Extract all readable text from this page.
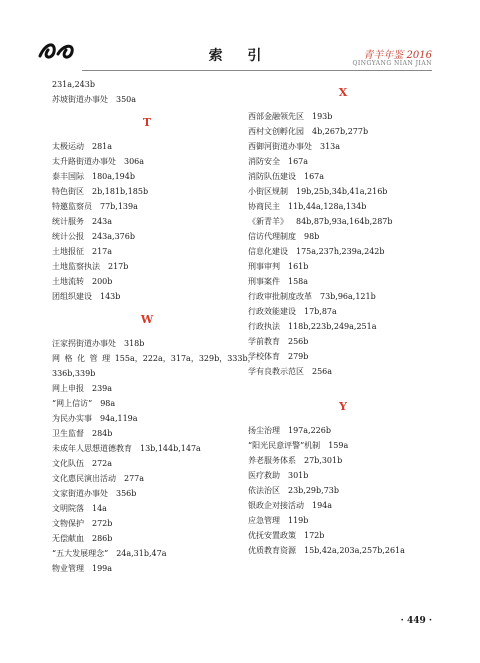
索 引	青羊年鉴 2016
QINGYANG NIAN JIAN
231a,243b
苏坡街道办事处 350a
T
太极运动 281a
太升路街道办事处 306a
泰丰国际 180a,194b
特色街区 2b,181b,185b
特邀监察员 77b,139a
统计服务 243a
统计公报 243a,376b
土地报征 217a
土地监察执法 217b
土地流转 200b
团组织建设 143b
W
汪家拐街道办事处 318b
网 格 化 管 理 155a，222a，317a，329b，333b，
336b,339b
网上申报 239a
“网上信访” 98a
为民办实事 94a,119a
卫生监督 284b
未成年人思想道德教育 13b,144b,147a
文化队伍 272a
文化惠民演出活动 277a
文家街道办事处 356b
文明院落 14a
文物保护 272b
无偿献血 286b
“五大发展理念” 24a,31b,47a
物业管理 199a
X
西部金融领先区 193b
西村文创孵化园 4b,267b,277b
西御河街道办事处 313a
消防安全 167a
消防队伍建设 167a
小街区规制 19b,25b,34b,41a,216b
协商民主 11b,44a,128a,134b
《新青羊》 84b,87b,93a,164b,287b
信访代理制度 98b
信息化建设 175a,237h,239a,242b
刑事审判 161b
刑事案件 158a
行政审批制度改革 73b,96a,121b
行政效能建设 17b,87a
行政执法 118b,223b,249a,251a
学前教育 256b
学校体育 279b
学有良教示范区 256a
Y
扬尘治理 197a,226b
“阳光民意评警”机制 159a
养老服务体系 27b,301b
医疗救助 301b
依法治区 23b,29b,73b
银政企对接活动 194a
应急管理 119b
优抚安置政策 172b
优质教育资源 15b,42a,203a,257b,261a
· 449 ·
